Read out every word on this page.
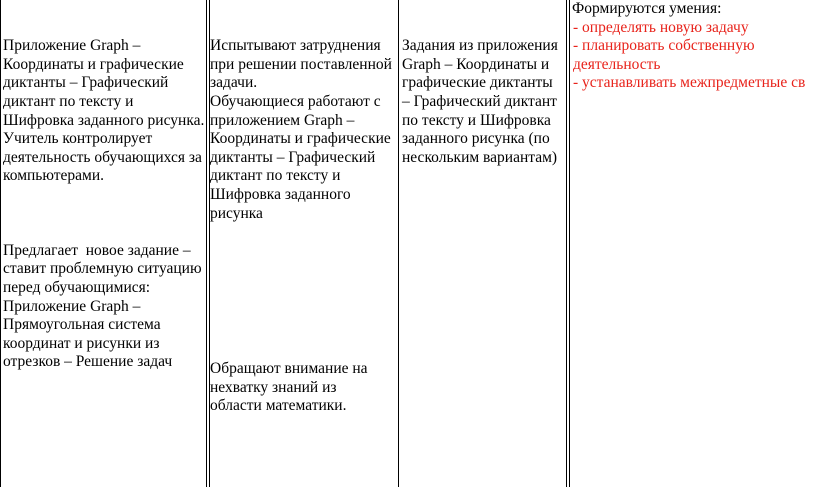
Приложение Graph –
Координаты и графические
диктанты – Графический
диктант по тексту и
Шифровка заданного рисунка.
Учитель контролирует
деятельность обучающихся за
компьютерами.

Предлагает  новое задание –
ставит проблемную ситуацию
перед обучающимися:
Приложение Graph –
Прямоугольная система
координат и рисунки из
отрезков – Решение задач

Испытывают затруднения
при решении поставленной
задачи.
Обучающиеся работают с
приложением Graph –
Координаты и графические
диктанты – Графический
диктант по тексту и
Шифровка заданного
рисунка

Обращают внимание на
нехватку знаний из
области математики.

Задания из приложения
Graph – Координаты и
графические диктанты
– Графический диктант
по тексту и Шифровка
заданного рисунка (по
нескольким вариантам)

Формируются умения:
- определять новую задачу
- планировать собственную
деятельность
- устанавливать межпредметные св
